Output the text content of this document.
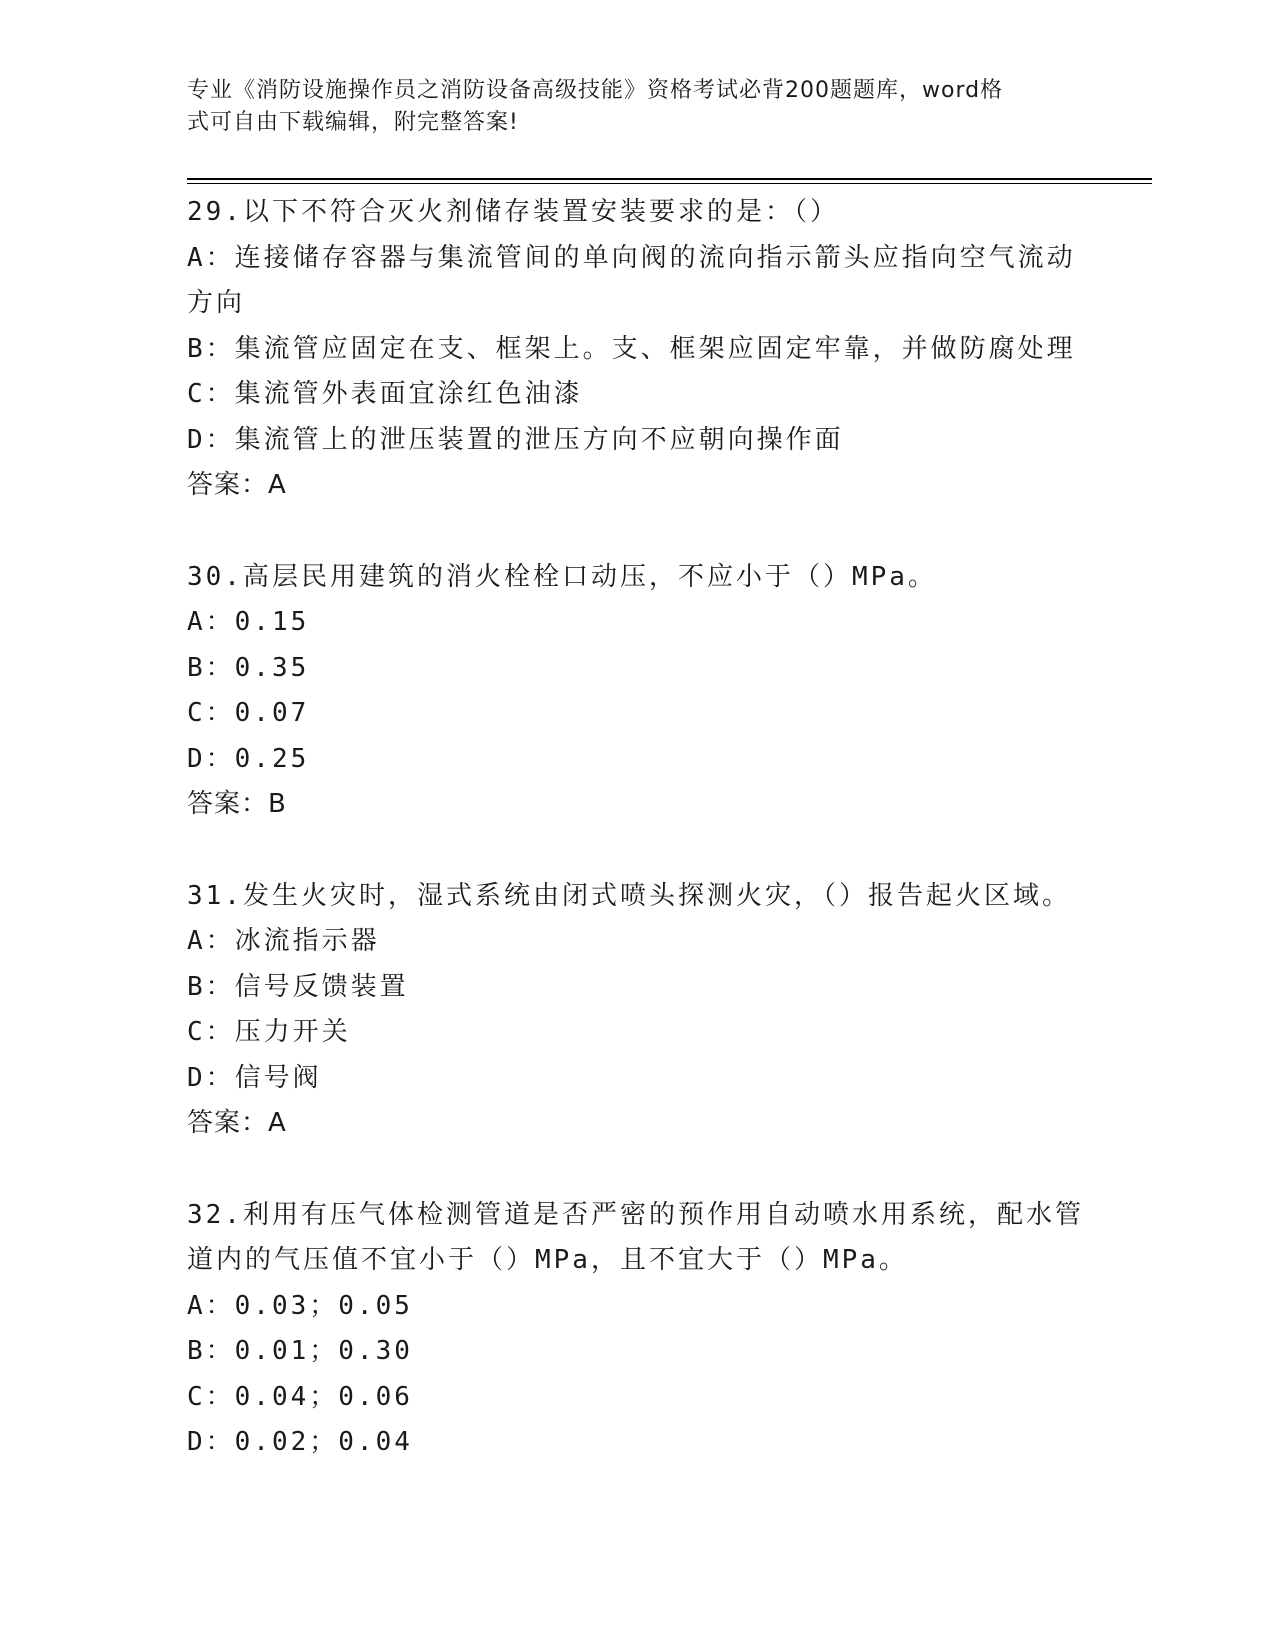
专业《消防设施操作员之消防设备高级技能》资格考试必背200题题库，word格
式可自由下载编辑，附完整答案!
29.以下不符合灭火剂储存装置安装要求的是：（）
A：连接储存容器与集流管间的单向阀的流向指示箭头应指向空气流动
方向
B：集流管应固定在支、框架上。支、框架应固定牢靠，并做防腐处理
C：集流管外表面宜涂红色油漆
D：集流管上的泄压装置的泄压方向不应朝向操作面
答案：A
30.高层民用建筑的消火栓栓口动压，不应小于（）MPa。
A：0.15
B：0.35
C：0.07
D：0.25
答案：B
31.发生火灾时，湿式系统由闭式喷头探测火灾，（）报告起火区域。
A：冰流指示器
B：信号反馈装置
C：压力开关
D：信号阀
答案：A
32.利用有压气体检测管道是否严密的预作用自动喷水用系统，配水管
道内的气压值不宜小于（）MPa，且不宜大于（）MPa。
A：0.03；0.05
B：0.01；0.30
C：0.04；0.06
D：0.02；0.04
